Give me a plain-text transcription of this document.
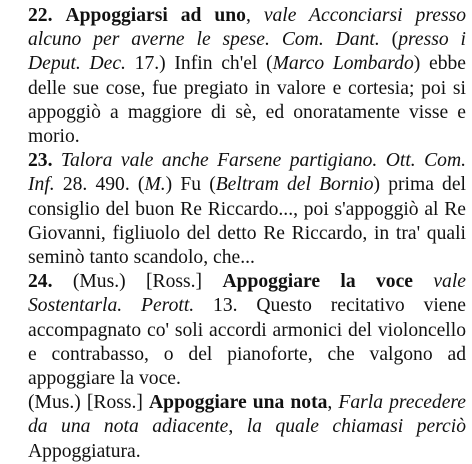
22. Appoggiarsi ad uno, vale Acconciarsi presso alcuno per averne le spese. Com. Dant. (presso i Deput. Dec. 17.) Infin ch'el (Marco Lombardo) ebbe delle sue cose, fue pregiato in valore e cortesia; poi si appoggiò a maggiore di sè, ed onoratamente visse e morio.

23. Talora vale anche Farsene partigiano. Ott. Com. Inf. 28. 490. (M.) Fu (Beltram del Bornio) prima del consiglio del buon Re Riccardo..., poi s'appoggiò al Re Giovanni, figliuolo del detto Re Riccardo, in tra' quali seminò tanto scandolo, che...

24. (Mus.) [Ross.] Appoggiare la voce vale Sostentarla. Perott. 13. Questo recitativo viene accompagnato co' soli accordi armonici del violoncello e contrabasso, o del pianoforte, che valgono ad appoggiare la voce.

(Mus.) [Ross.] Appoggiare una nota, Farla precedere da una nota adiacente, la quale chiamasi perciò Appoggiatura.
